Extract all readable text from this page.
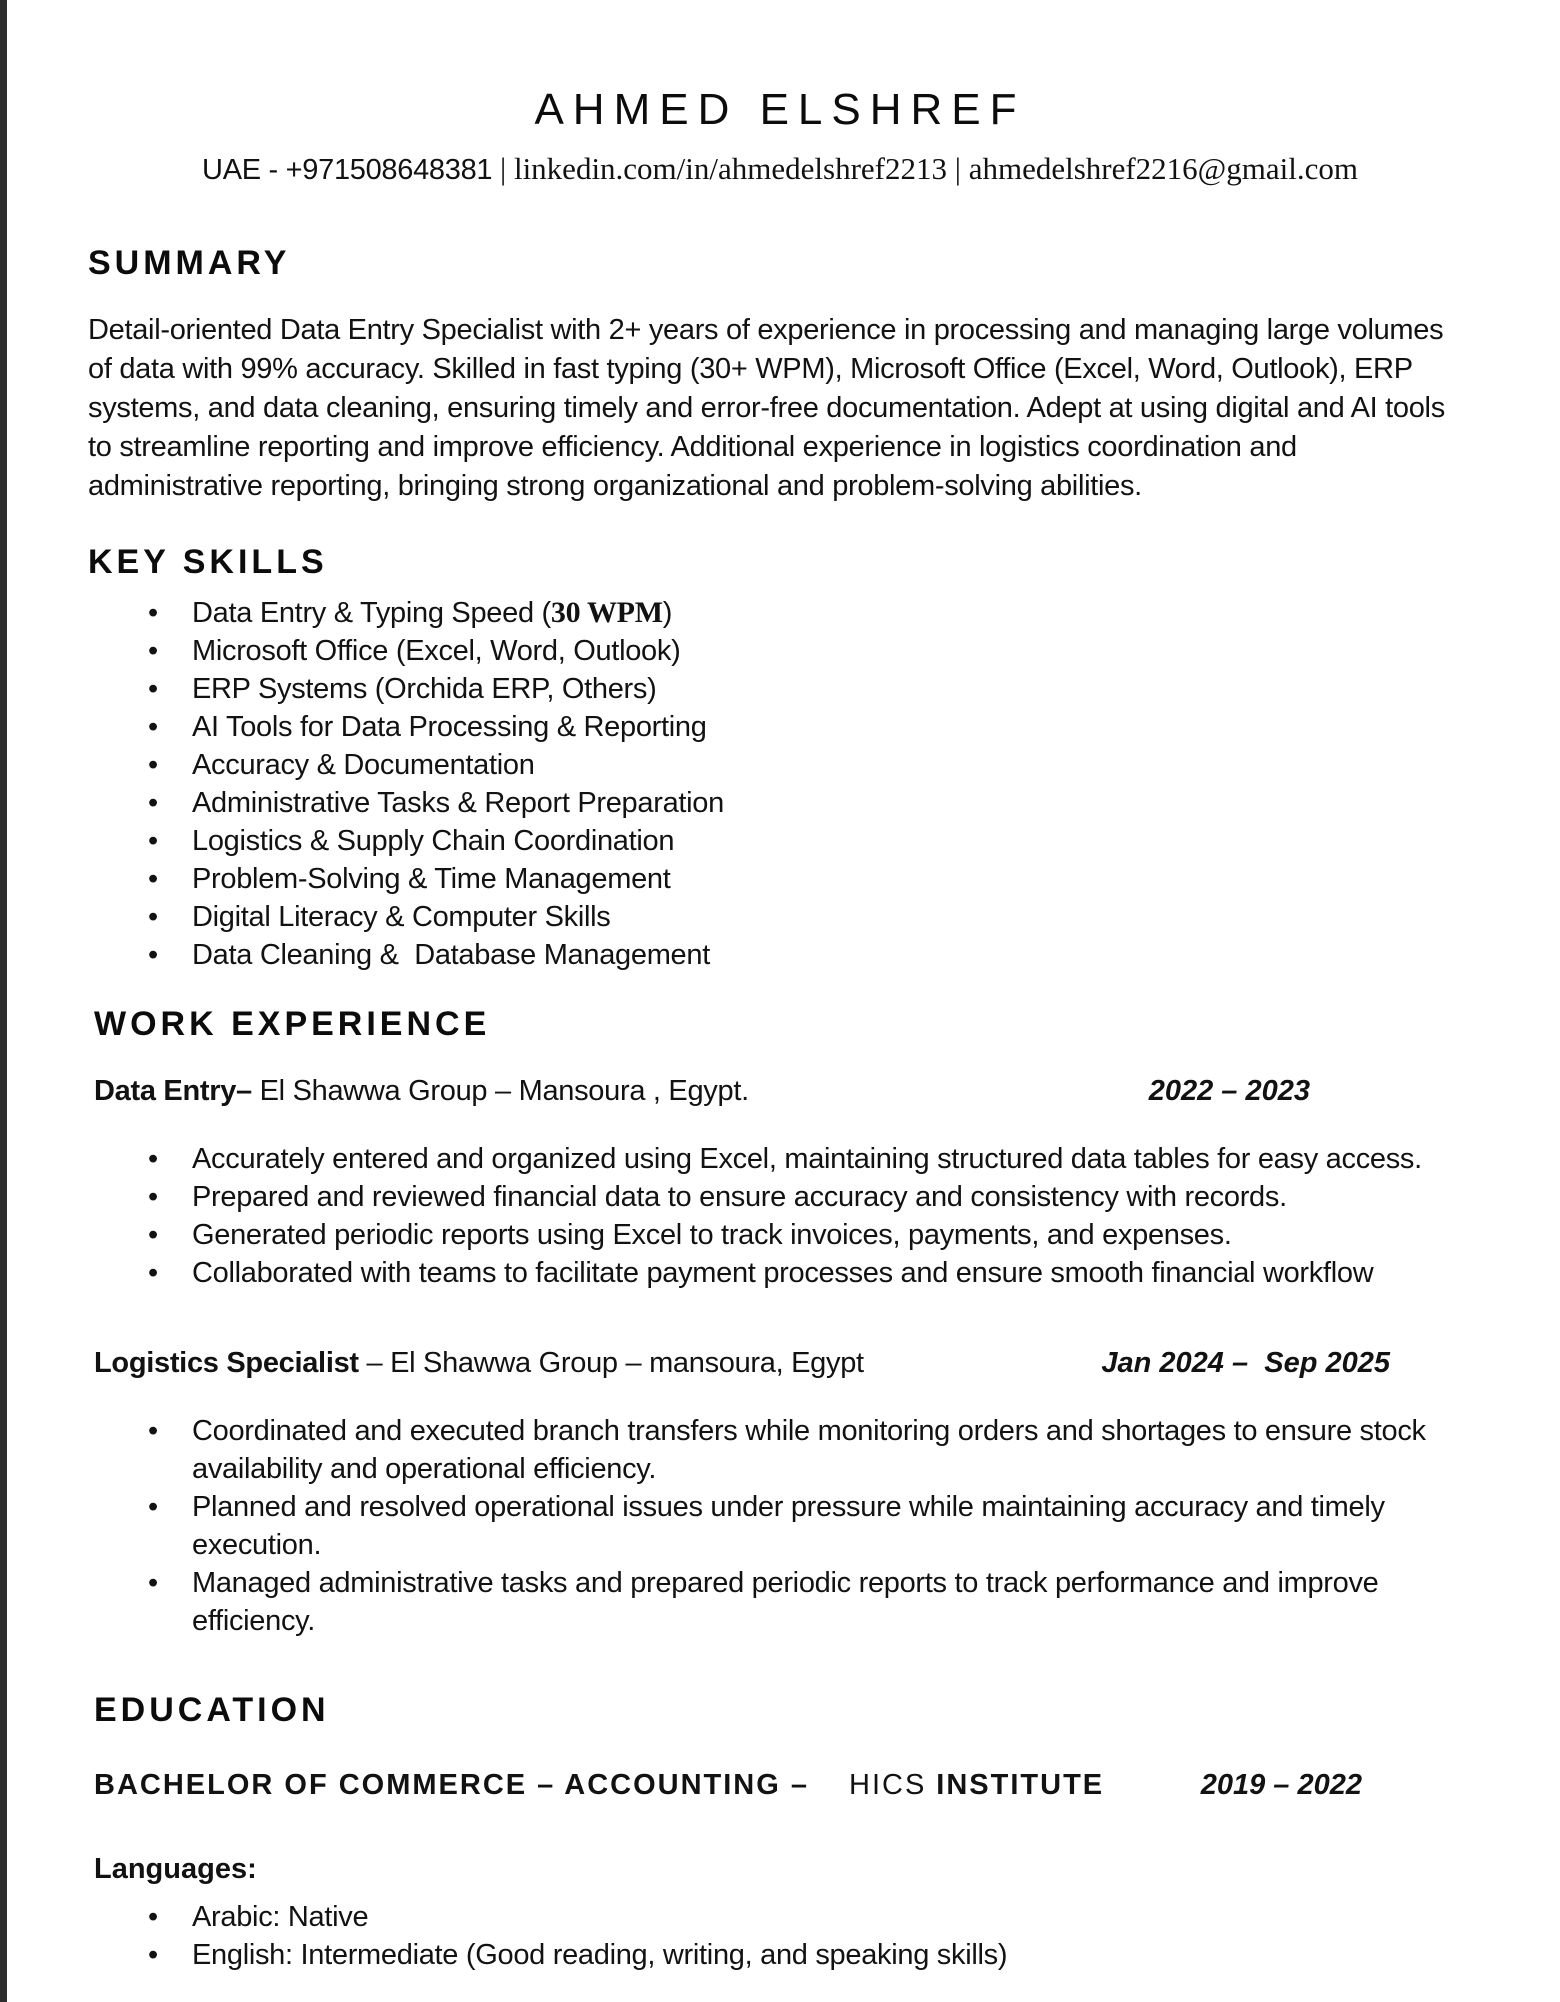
AHMED ELSHREF
UAE - +971508648381 | linkedin.com/in/ahmedelshref2213 | ahmedelshref2216@gmail.com
SUMMARY

Detail-oriented Data Entry Specialist with 2+ years of experience in processing and managing large volumes of data with 99% accuracy. Skilled in fast typing (30+ WPM), Microsoft Office (Excel, Word, Outlook), ERP systems, and data cleaning, ensuring timely and error-free documentation. Adept at using digital and AI tools to streamline reporting and improve efficiency. Additional experience in logistics coordination and administrative reporting, bringing strong organizational and problem-solving abilities.

KEY SKILLS
• Data Entry & Typing Speed (30 WPM)
• Microsoft Office (Excel, Word, Outlook)
• ERP Systems (Orchida ERP, Others)
• AI Tools for Data Processing & Reporting
• Accuracy & Documentation
• Administrative Tasks & Report Preparation
• Logistics & Supply Chain Coordination
• Problem-Solving & Time Management
• Digital Literacy & Computer Skills
• Data Cleaning &  Database Management
WORK EXPERIENCE
Data Entry– El Shawwa Group – Mansoura , Egypt.	2022 – 2023
• Accurately entered and organized using Excel, maintaining structured data tables for easy access.
• Prepared and reviewed financial data to ensure accuracy and consistency with records.
• Generated periodic reports using Excel to track invoices, payments, and expenses.
• Collaborated with teams to facilitate payment processes and ensure smooth financial workflow
Logistics Specialist – El Shawwa Group – mansoura, Egypt	Jan 2024 –  Sep 2025
• Coordinated and executed branch transfers while monitoring orders and shortages to ensure stock availability and operational efficiency.
• Planned and resolved operational issues under pressure while maintaining accuracy and timely execution.
• Managed administrative tasks and prepared periodic reports to track performance and improve efficiency.
EDUCATION
BACHELOR OF COMMERCE – ACCOUNTING – HICS INSTITUTE	2019 – 2022
Languages:
• Arabic: Native
• English: Intermediate (Good reading, writing, and speaking skills)
